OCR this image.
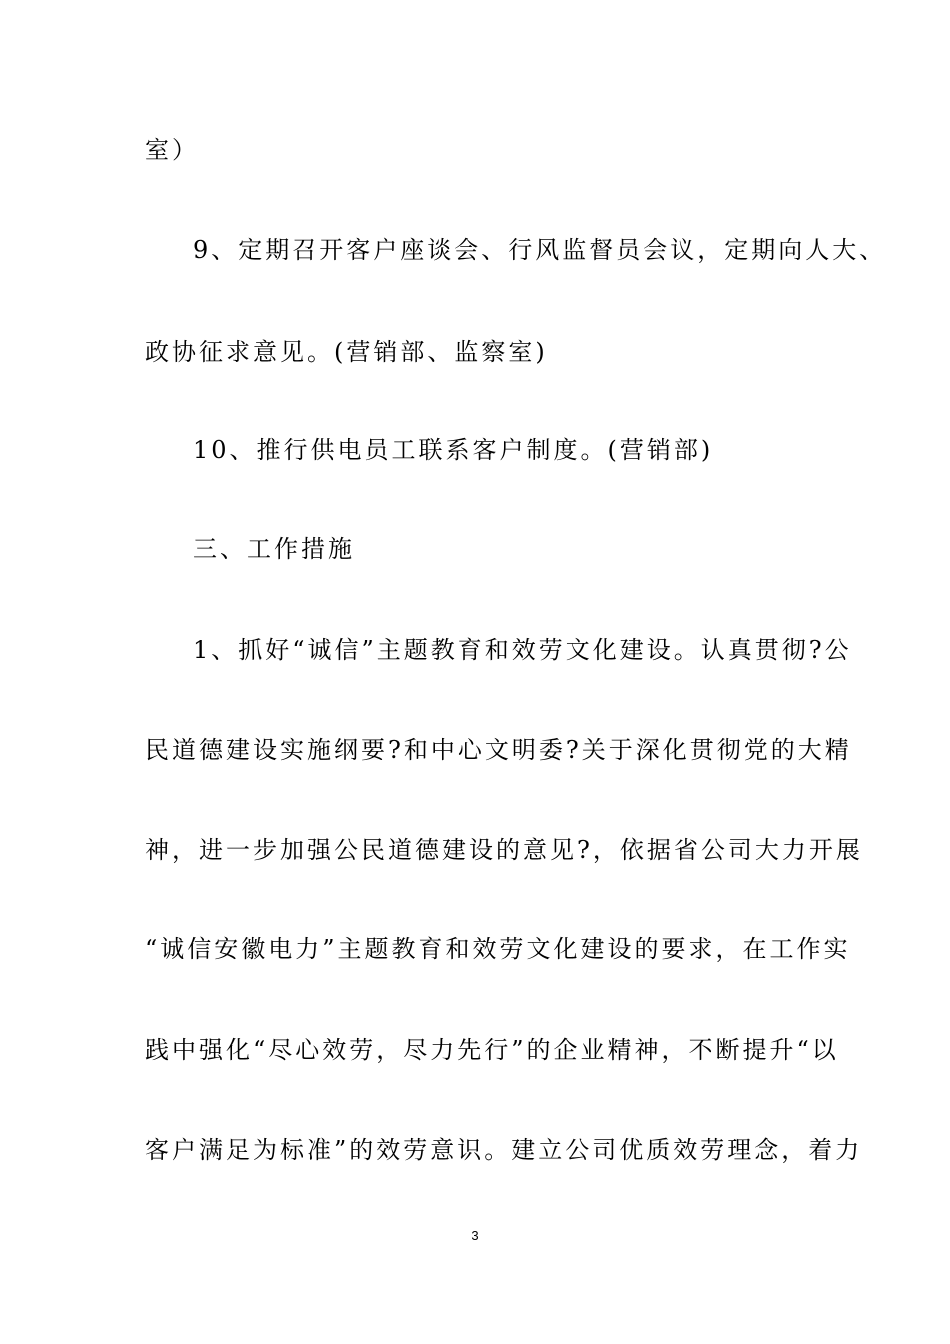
室）

9、定期召开客户座谈会、行风监督员会议，定期向人大、

政协征求意见。(营销部、监察室)

10、推行供电员工联系客户制度。(营销部)

三、工作措施

1、抓好“诚信”主题教育和效劳文化建设。认真贯彻?公

民道德建设实施纲要?和中心文明委?关于深化贯彻党的大精

神，进一步加强公民道德建设的意见?，依据省公司大力开展

“诚信安徽电力”主题教育和效劳文化建设的要求，在工作实

践中强化“尽心效劳，尽力先行”的企业精神，不断提升“以

客户满足为标准”的效劳意识。建立公司优质效劳理念，着力

3
